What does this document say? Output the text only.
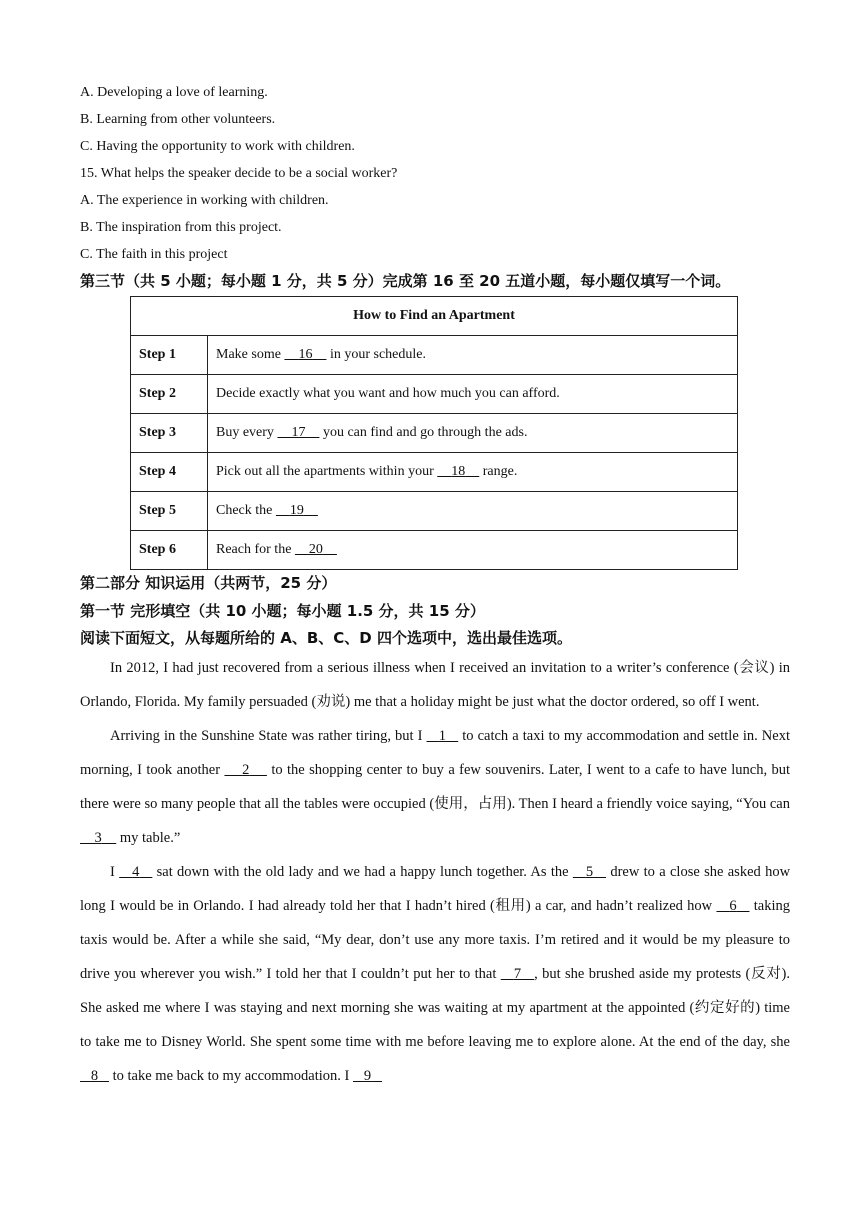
A. Developing a love of learning.
B. Learning from other volunteers.
C. Having the opportunity to work with children.
15. What helps the speaker decide to be a social worker?
A. The experience in working with children.
B. The inspiration from this project.
C. The faith in this project
第三节（共 5 小题；每小题 1 分，共 5 分）完成第 16 至 20 五道小题，每小题仅填写一个词。
How to Find an Apartment	
Step 1	Make some     16     in your schedule.
Step 2	Decide exactly what you want and how much you can afford.
Step 3	Buy every     17     you can find and go through the ads.
Step 4	Pick out all the apartments within your     18     range.
Step 5	Check the     19
Step 6	Reach for the     20
第二部分 知识运用（共两节，25 分）
第一节 完形填空（共 10 小题；每小题 1.5 分，共 15 分）
阅读下面短文，从每题所给的 A、B、C、D 四个选项中，选出最佳选项。

In 2012, I had just recovered from a serious illness when I received an invitation to a writer’s conference (会议) in Orlando, Florida. My family persuaded (劝说) me that a holiday might be just what the doctor ordered, so off I went.

Arriving in the Sunshine State was rather tiring, but I    1    to catch a taxi to my accommodation and settle in. Next morning, I took another     2     to the shopping center to buy a few souvenirs. Later, I went to a cafe to have lunch, but there were so many people that all the tables were occupied (使用，占用). Then I heard a friendly voice saying, “You can     3     my table.”

I    4    sat down with the old lady and we had a happy lunch together. As the    5    drew to a close she asked how long I would be in Orlando. I had already told her that I hadn’t hired (租用) a car, and hadn’t realized how    6    taking taxis would be. After a while she said, “My dear, don’t use any more taxis. I’m retired and it would be my pleasure to drive you wherever you wish.” I told her that I couldn’t put her to that    7 , but she brushed aside my protests (反对). She asked me where I was staying and next morning she was waiting at my apartment at the appointed (约定好的) time to take me to Disney World. She spent some time with me before leaving me to explore alone. At the end of the day, she    8    to take me back to my accommodation. I    9
